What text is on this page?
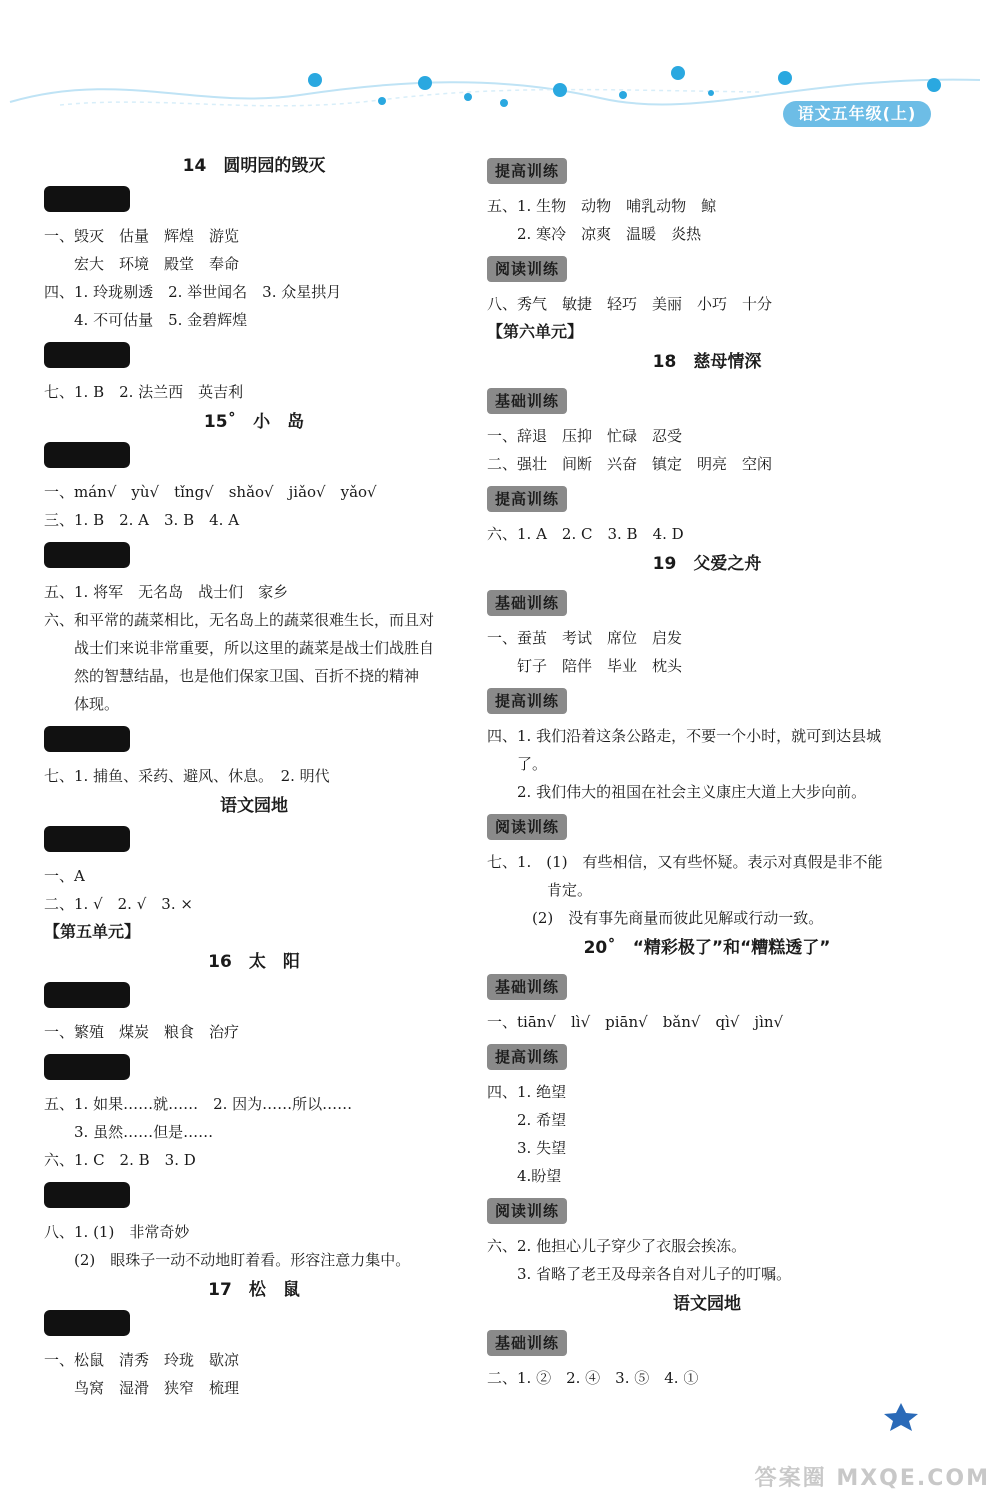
语文五年级(上)
14　圆明园的毁灭
一、毁灭　估量　辉煌　游览
　　宏大　环境　殿堂　奉命
四、1. 玲珑剔透　2. 举世闻名　3. 众星拱月
　　4. 不可估量　5. 金碧辉煌
七、1. B　2. 法兰西　英吉利
15˚　小　岛
一、mán√　yù√　tǐng√　shǎo√　jiǎo√　yǎo√
三、1. B　2. A　3. B　4. A
五、1. 将军　无名岛　战士们　家乡
六、和平常的蔬菜相比，无名岛上的蔬菜很难生长，而且对
　　战士们来说非常重要，所以这里的蔬菜是战士们战胜自
　　然的智慧结晶，也是他们保家卫国、百折不挠的精神
　　体现。
七、1. 捕鱼、采药、避风、休息。　2. 明代
语文园地
一、A
二、1. √　2. √　3. ×
【第五单元】
16　太　阳
一、繁殖　煤炭　粮食　治疗
五、1. 如果……就……　2. 因为……所以……
　　3. 虽然……但是……
六、1. C　2. B　3. D
八、1. (1)　非常奇妙
　　(2)　眼珠子一动不动地盯着看。形容注意力集中。
17　松　鼠
一、松鼠　清秀　玲珑　歇凉
　　鸟窝　湿滑　狭窄　梳理
提高训练
五、1. 生物　动物　哺乳动物　鲸
　　2. 寒冷　凉爽　温暖　炎热
阅读训练
八、秀气　敏捷　轻巧　美丽　小巧　十分
【第六单元】
18　慈母情深
基础训练
一、辞退　压抑　忙碌　忍受
二、强壮　间断　兴奋　镇定　明亮　空闲
提高训练
六、1. A　2. C　3. B　4. D
19　父爱之舟
基础训练
一、蚕茧　考试　席位　启发
　　钉子　陪伴　毕业　枕头
提高训练
四、1. 我们沿着这条公路走，不要一个小时，就可到达县城
　　了。
　　2. 我们伟大的祖国在社会主义康庄大道上大步向前。
阅读训练
七、1.　(1)　有些相信，又有些怀疑。表示对真假是非不能
　　　　肯定。
　　　(2)　没有事先商量而彼此见解或行动一致。
20˚　“精彩极了”和“糟糕透了”
基础训练
一、tiān√　lì√　piān√　bǎn√　qì√　jìn√
提高训练
四、1. 绝望
　　2. 希望
　　3. 失望
　　4.盼望
阅读训练
六、2. 他担心儿子穿少了衣服会挨冻。
　　3. 省略了老王及母亲各自对儿子的叮嘱。
语文园地
基础训练
二、1. ②　2. ④　3. ⑤　4. ①
答案圈 MXQE.COM
